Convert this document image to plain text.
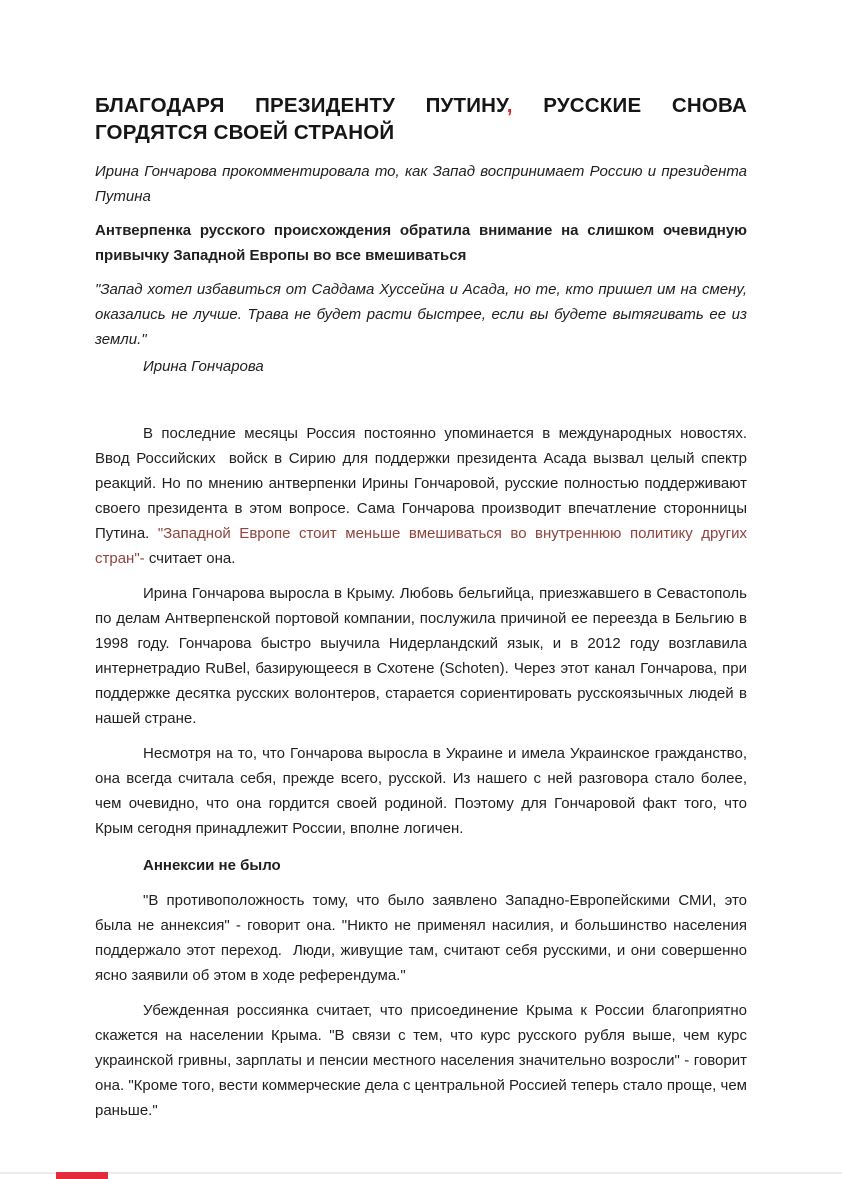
БЛАГОДАРЯ ПРЕЗИДЕНТУ ПУТИНУ, РУССКИЕ СНОВА ГОРДЯТСЯ СВОЕЙ СТРАНОЙ

Ирина Гончарова прокомментировала то, как Запад воспринимает Россию и президента Путина

Антверпенка русского происхождения обратила внимание на слишком очевидную привычку Западной Европы во все вмешиваться

"Запад хотел избавиться от Саддама Хуссейна и Асада, но те, кто пришел им на смену, оказались не лучше. Трава не будет расти быстрее, если вы будете вытягивать ее из земли."

Ирина Гончарова

В последние месяцы Россия постоянно упоминается в международных новостях. Ввод Российских  войск в Сирию для поддержки президента Асада вызвал целый спектр реакций. Но по мнению антверпенки Ирины Гончаровой, русские полностью поддерживают своего президента в этом вопросе. Сама Гончарова производит впечатление сторонницы Путина. "Западной Европе стоит меньше вмешиваться во внутреннюю политику других стран"- считает она.

Ирина Гончарова выросла в Крыму. Любовь бельгийца, приезжавшего в Севастополь по делам Антверпенской портовой компании, послужила причиной ее переезда в Бельгию в  1998 году. Гончарова быстро выучила Нидерландский язык, и в 2012 году возглавила интернетрадио RuBel, базирующееся в Схотене (Schoten). Через этот канал Гончарова, при поддержке десятка русских волонтеров, старается сориентировать русскоязычных людей в нашей стране.

Несмотря на то, что Гончарова выросла в Украине и имела Украинское гражданство, она всегда считала себя, прежде всего, русской. Из нашего с ней разговора стало более, чем очевидно, что она гордится своей родиной. Поэтому для Гончаровой факт того, что Крым сегодня принадлежит России, вполне логичен.

Аннексии не было

"В противоположность тому, что было заявлено Западно-Европейскими СМИ, это была не аннексия" - говорит она. "Никто не применял насилия, и большинство населения поддержало этот переход.  Люди, живущие там, считают себя русскими, и они совершенно ясно заявили об этом в ходе референдума."

Убежденная россиянка считает, что присоединение Крыма к России благоприятно скажется на населении Крыма. "В связи с тем, что курс русского рубля выше, чем курс украинской гривны, зарплаты и пенсии местного населения значительно возросли" - говорит она. "Кроме того, вести коммерческие дела с центральной Россией теперь стало проще, чем раньше."
